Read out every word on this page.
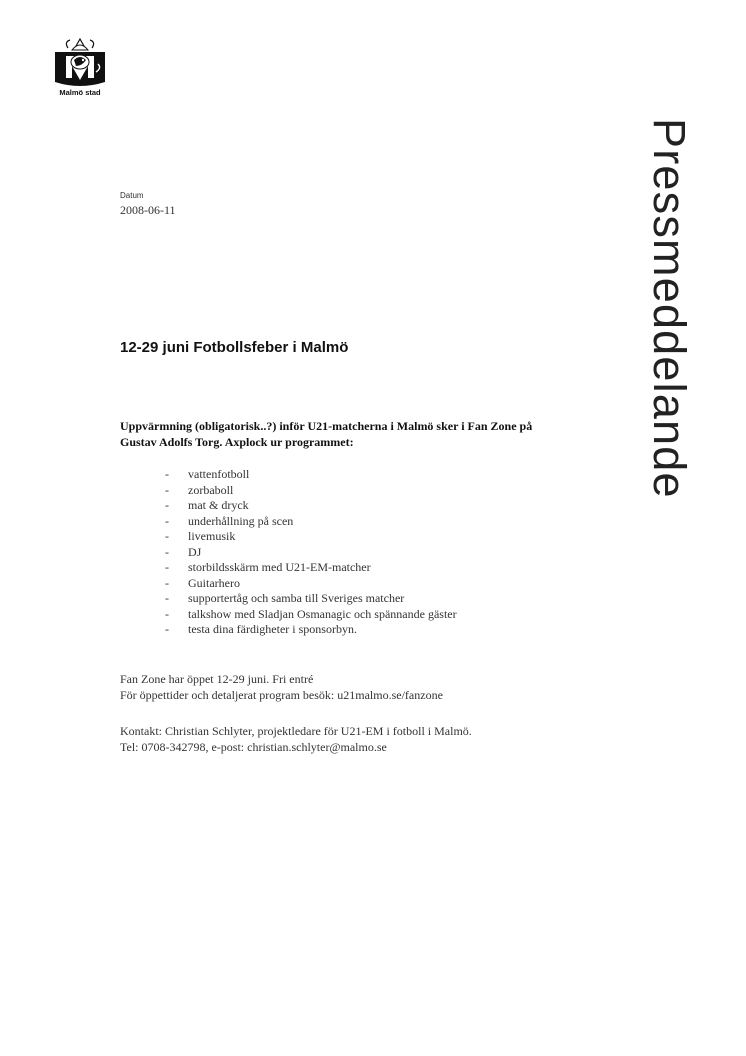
Malmö stad
Pressmeddelande
Datum
2008-06-11
12-29 juni Fotbollsfeber i Malmö

Uppvärmning (obligatorisk..?) inför U21-matcherna i Malmö sker i Fan Zone på Gustav Adolfs Torg. Axplock ur programmet:

- vattenfotboll
- zorbaboll
- mat & dryck
- underhållning på scen
- livemusik
- DJ
- storbildsskärm med U21-EM-matcher
- Guitarhero
- supportertåg och samba till Sveriges matcher
- talkshow med Sladjan Osmanagic och spännande gäster
- testa dina färdigheter i sponsorbyn.

Fan Zone har öppet 12-29 juni. Fri entré
För öppettider och detaljerat program besök: u21malmo.se/fanzone

Kontakt: Christian Schlyter, projektledare för U21-EM i fotboll i Malmö.
Tel: 0708-342798, e-post: christian.schlyter@malmo.se
